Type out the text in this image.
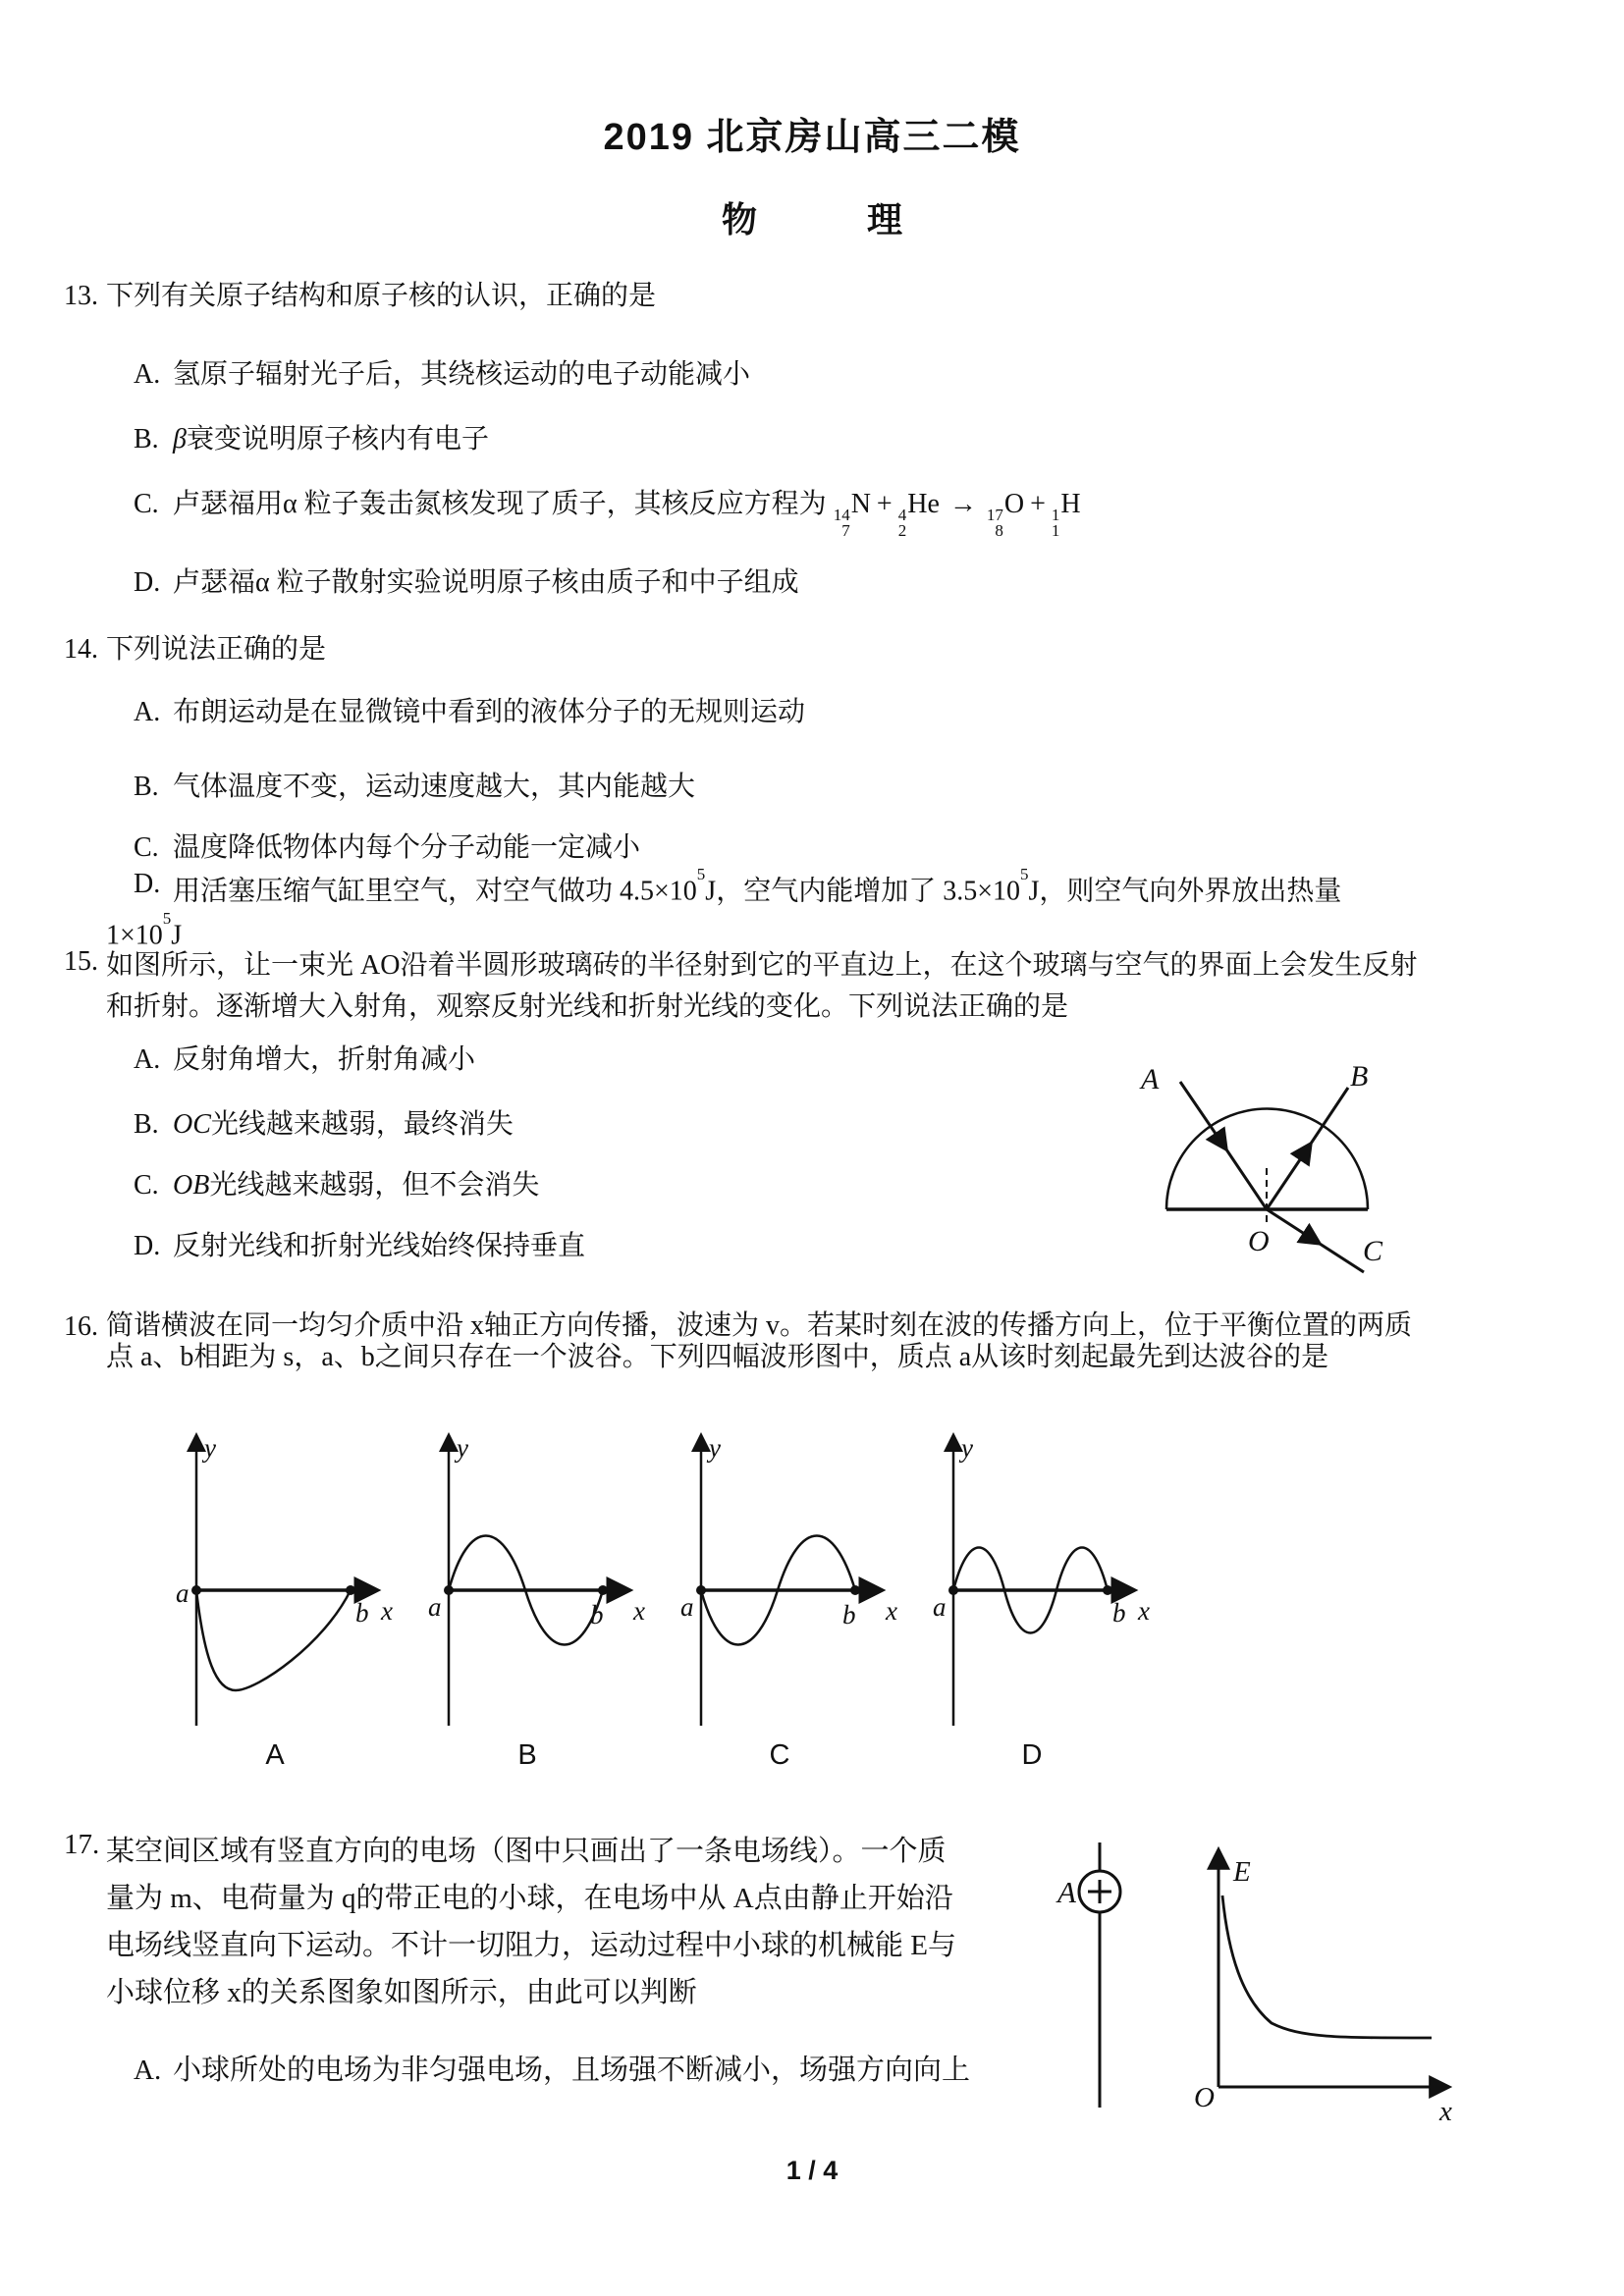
2019 北京房山高三二模
物	理
13. 下列有关原子结构和原子核的认识，正确的是
A. 氢原子辐射光子后，其绕核运动的电子动能减小
B. β衰变说明原子核内有电子
C. 卢瑟福用α 粒子轰击氮核发现了质子，其核反应方程为 14
7
N + 4
2
He → 17
8
O + 1
1
H
D. 卢瑟福α 粒子散射实验说明原子核由质子和中子组成
14. 下列说法正确的是
A. 布朗运动是在显微镜中看到的液体分子的无规则运动
B. 气体温度不变，运动速度越大，其内能越大
C. 温度降低物体内每个分子动能一定减小
D. 用活塞压缩气缸里空气，对空气做功 $4.5\times 10^5J$，空气内能增加了 $3.5\times 10^5J$，则空气向外界放出热量
$1\times 10^5J$
15. 如图所示，让一束光 AO沿着半圆形玻璃砖的半径射到它的平直边上，在这个玻璃与空气的界面上会发生反射
和折射。逐渐增大入射角，观察反射光线和折射光线的变化。下列说法正确的是
A. 反射角增大，折射角减小
B. OC光线越来越弱，最终消失
C. OB光线越来越弱，但不会消失
D. 反射光线和折射光线始终保持垂直
A	B
C
O
16. 简谐横波在同一均匀介质中沿 x轴正方向传播，波速为 v。若某时刻在波的传播方向上，位于平衡位置的两质
点 a、b相距为 s，a、b之间只存在一个波谷。下列四幅波形图中，质点 a从该时刻起最先到达波谷的是
y
x
a
b
y
x
a	b
y
x
a	b
y
x
a	b
A	B	C	D
17. 某空间区域有竖直方向的电场（图中只画出了一条电场线）。一个质
量为 m、电荷量为 q的带正电的小球，在电场中从 A点由静止开始沿
电场线竖直向下运动。不计一切阻力，运动过程中小球的机械能 E与
小球位移 x的关系图象如图所示，由此可以判断
A. 小球所处的电场为非匀强电场，且场强不断减小，场强方向向上
A
E
x
O
1 / 4
